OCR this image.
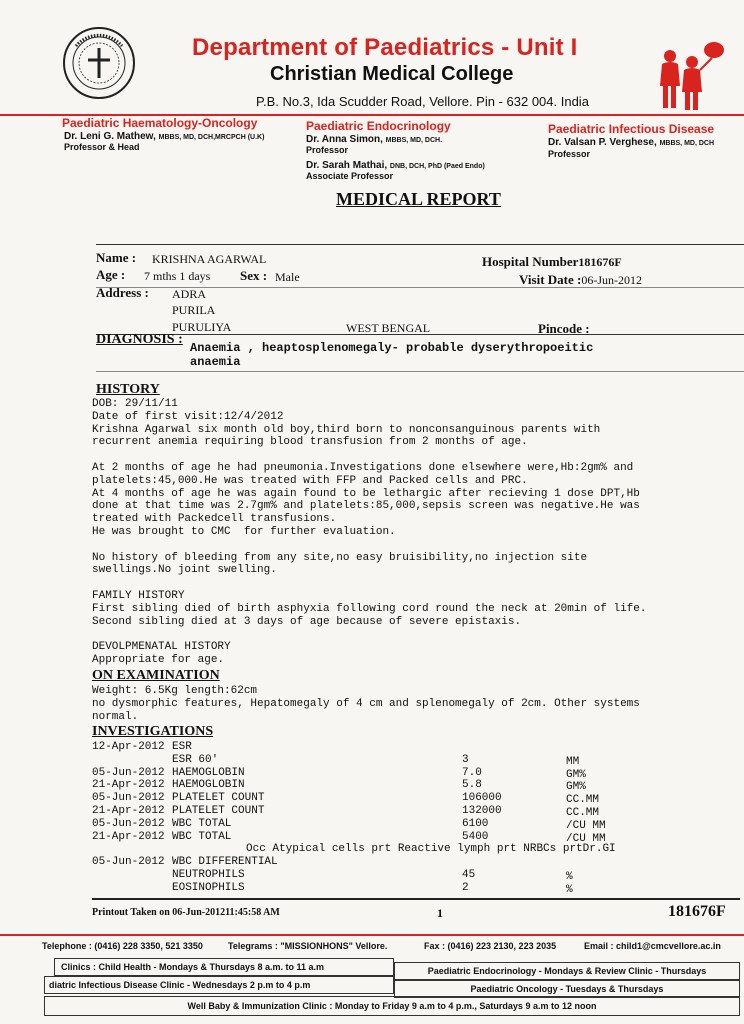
Department of Paediatrics - Unit I
Christian Medical College
P.B. No.3, Ida Scudder Road, Vellore. Pin - 632 004. India
Paediatric Haematology-Oncology
Dr. Leni G. Mathew, MBBS, MD, DCH,MRCPCH (U.K)
Professor & Head
Paediatric Endocrinology
Dr. Anna Simon, MBBS, MD, DCH.
Professor
Dr. Sarah Mathai, DNB, DCH, PhD (Paed Endo)
Associate Professor
Paediatric Infectious Disease
Dr. Valsan P. Verghese, MBBS, MD, DCH
Professor
MEDICAL REPORT
Name : KRISHNA AGARWAL
Age : 7 mths 1 days Sex : Male
Hospital Number181676F
Visit Date :06-Jun-2012
Address : ADRA
PURILA
PURULIYA	WEST BENGAL	Pincode :
DIAGNOSIS :
Anaemia , heaptosplenomegaly- probable dyserythropoeitic
anaemia
HISTORY
DOB: 29/11/11
Date of first visit:12/4/2012
Krishna Agarwal six month old boy,third born to nonconsanguinous parents with
recurrent anemia requiring blood transfusion from 2 months of age.
At 2 months of age he had pneumonia.Investigations done elsewhere were,Hb:2gm% and
platelets:45,000.He was treated with FFP and Packed cells and PRC.
At 4 months of age he was again found to be lethargic after recieving 1 dose DPT,Hb
done at that time was 2.7gm% and platelets:85,000,sepsis screen was negative.He was
treated with Packedcell transfusions.
He was brought to CMC  for further evaluation.
No history of bleeding from any site,no easy bruisibility,no injection site
swellings.No joint swelling.
FAMILY HISTORY
First sibling died of birth asphyxia following cord round the neck at 20min of life.
Second sibling died at 3 days of age because of severe epistaxis.
DEVOLPMENATAL HISTORY
Appropriate for age.
ON EXAMINATION
Weight: 6.5Kg length:62cm
no dysmorphic features, Hepatomegaly of 4 cm and splenomegaly of 2cm. Other systems
normal.
INVESTIGATIONS
12-Apr-2012 ESR
ESR 60'	3	MM
05-Jun-2012 HAEMOGLOBIN	7.0	GM%
21-Apr-2012 HAEMOGLOBIN	5.8	GM%
05-Jun-2012 PLATELET COUNT	106000	CC.MM
21-Apr-2012 PLATELET COUNT	132000	CC.MM
05-Jun-2012 WBC TOTAL	6100	/CU MM
21-Apr-2012 WBC TOTAL	5400	/CU MM
Occ Atypical cells prt Reactive lymph prt NRBCs prtDr.GI
05-Jun-2012 WBC DIFFERENTIAL
NEUTROPHILS	45	%
EOSINOPHILS	2	%
Printout Taken on 06-Jun-201211:45:58 AM	1	181676F
Telephone : (0416) 228 3350, 521 3350	Telegrams : "MISSIONHONS" Vellore.	Fax : (0416) 223 2130, 223 2035	Email : child1@cmcvellore.ac.in
Clinics : Child Health - Mondays & Thursdays 8 a.m. to 11 a.m	Paediatric Endocrinology - Mondays & Review Clinic - Thursdays
diatric Infectious Disease Clinic - Wednesdays 2 p.m to 4 p.m	Paediatric Oncology - Tuesdays & Thursdays
Well Baby & Immunization Clinic : Monday to Friday 9 a.m to 4 p.m., Saturdays 9 a.m to 12 noon
